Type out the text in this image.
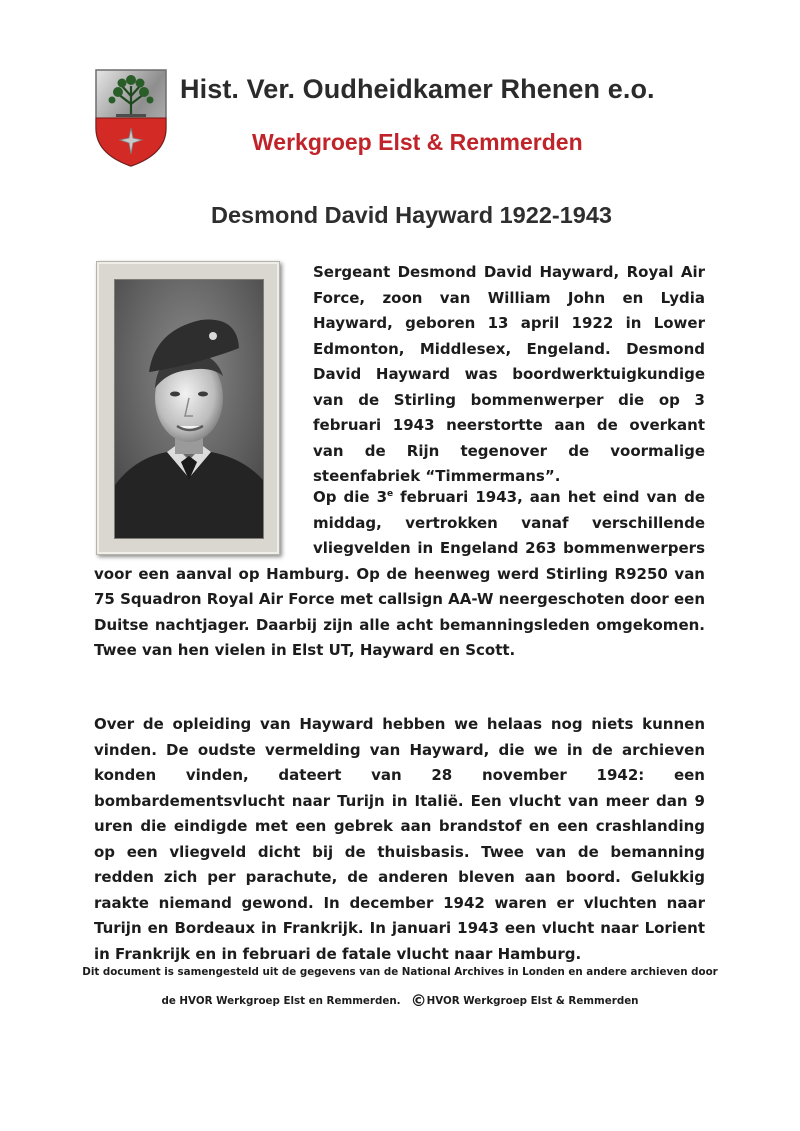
Hist. Ver. Oudheidkamer Rhenen e.o.
Werkgroep Elst & Remmerden
Desmond David Hayward 1922-1943

Sergeant Desmond David Hayward, Royal Air Force, zoon van William John en Lydia Hayward, geboren 13 april 1922 in Lower Edmonton, Middlesex, Engeland. Desmond David Hayward was boordwerktuigkundige van de Stirling bommenwerper die op 3 februari 1943 neerstortte aan de overkant van de Rijn tegenover de voormalige steenfabriek “Timmermans”.

Op die 3e februari 1943, aan het eind van de middag, vertrokken vanaf verschillende vliegvelden in Engeland 263 bommenwerpers voor een aanval op Hamburg. Op de heenweg werd Stirling R9250 van 75 Squadron Royal Air Force met callsign AA-W neergeschoten door een Duitse nachtjager. Daarbij zijn alle acht bemanningsleden omgekomen. Twee van hen vielen in Elst UT, Hayward en Scott.

Over de opleiding van Hayward hebben we helaas nog niets kunnen vinden. De oudste vermelding van Hayward, die we in de archieven konden vinden, dateert van 28 november 1942: een bombardementsvlucht naar Turijn in Italië. Een vlucht van meer dan 9 uren die eindigde met een gebrek aan brandstof en een crashlanding op een vliegveld dicht bij de thuisbasis. Twee van de bemanning redden zich per parachute, de anderen bleven aan boord. Gelukkig raakte niemand gewond. In december 1942 waren er vluchten naar Turijn en Bordeaux in Frankrijk. In januari 1943 een vlucht naar Lorient in Frankrijk en in februari de fatale vlucht naar Hamburg.

Dit document is samengesteld uit de gegevens van de National Archives in Londen en andere archieven door
de HVOR Werkgroep Elst en Remmerden. ©HVOR Werkgroep Elst & Remmerden
